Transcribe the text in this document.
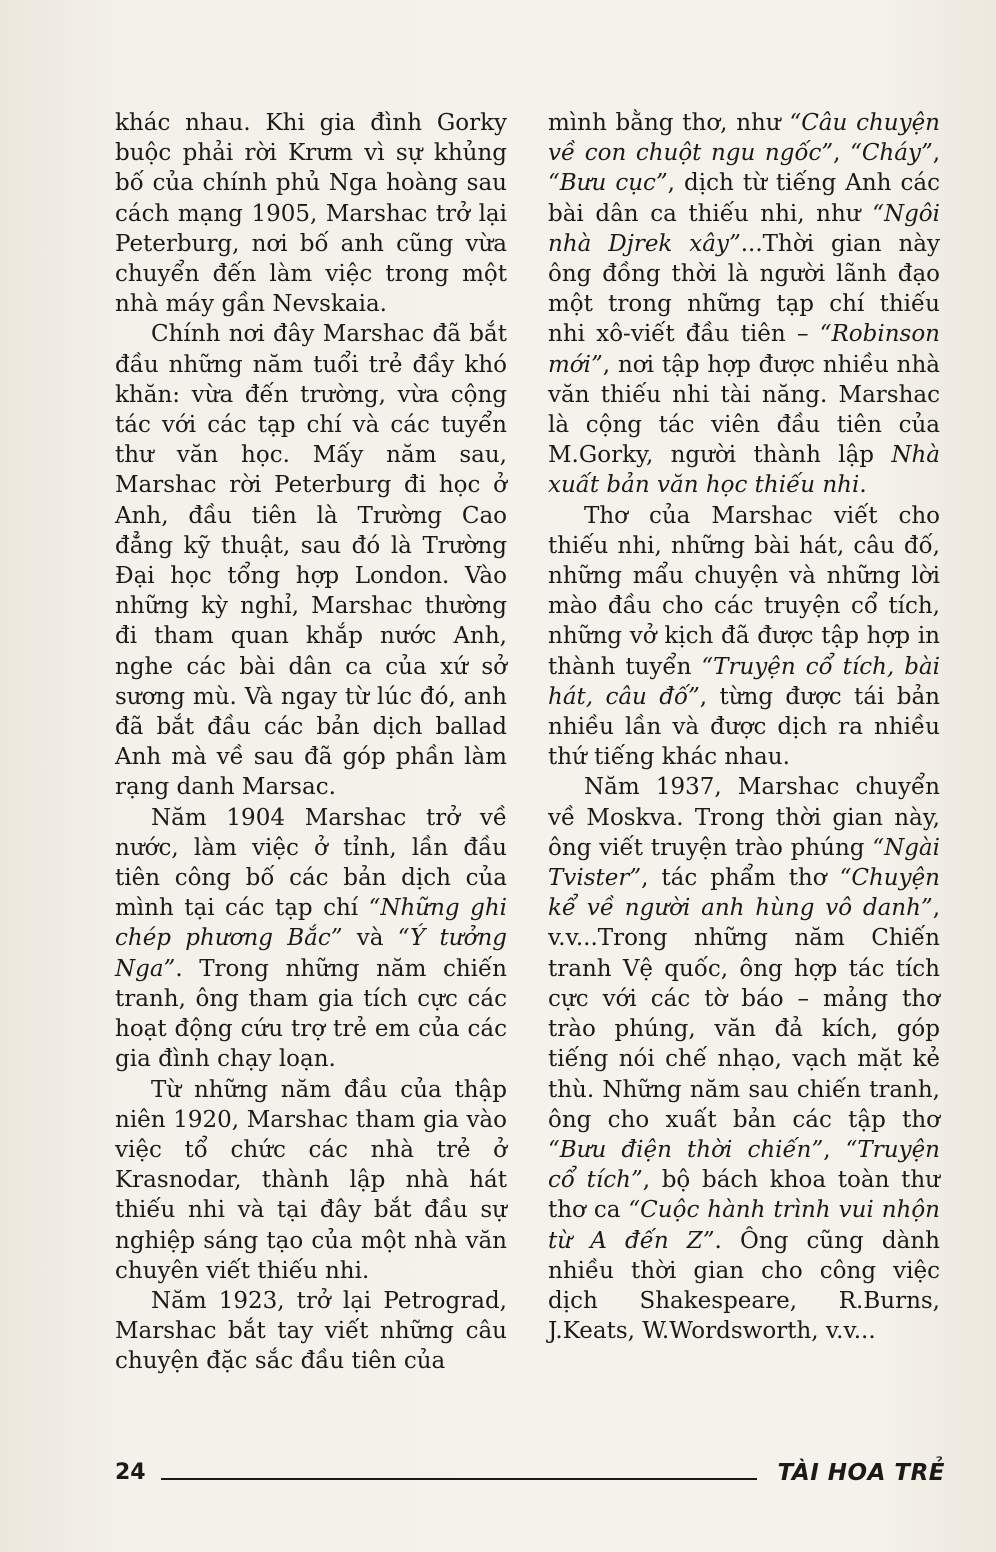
khác nhau. Khi gia đình Gorky buộc phải rời Krưm vì sự khủng bố của chính phủ Nga hoàng sau cách mạng 1905, Marshac trở lại Peterburg, nơi bố anh cũng vừa chuyển đến làm việc trong một nhà máy gần Nevskaia.

Chính nơi đây Marshac đã bắt đầu những năm tuổi trẻ đầy khó khăn: vừa đến trường, vừa cộng tác với các tạp chí và các tuyển thư văn học. Mấy năm sau, Marshac rời Peterburg đi học ở Anh, đầu tiên là Trường Cao đẳng kỹ thuật, sau đó là Trường Đại học tổng hợp London. Vào những kỳ nghỉ, Marshac thường đi tham quan khắp nước Anh, nghe các bài dân ca của xứ sở sương mù. Và ngay từ lúc đó, anh đã bắt đầu các bản dịch ballad Anh mà về sau đã góp phần làm rạng danh Marsac.

Năm 1904 Marshac trở về nước, làm việc ở tỉnh, lần đầu tiên công bố các bản dịch của mình tại các tạp chí “Những ghi chép phương Bắc” và “Ý tưởng Nga”. Trong những năm chiến tranh, ông tham gia tích cực các hoạt động cứu trợ trẻ em của các gia đình chạy loạn.

Từ những năm đầu của thập niên 1920, Marshac tham gia vào việc tổ chức các nhà trẻ ở Krasnodar, thành lập nhà hát thiếu nhi và tại đây bắt đầu sự nghiệp sáng tạo của một nhà văn chuyên viết thiếu nhi.

Năm 1923, trở lại Petrograd, Marshac bắt tay viết những câu chuyện đặc sắc đầu tiên của

mình bằng thơ, như “Câu chuyện về con chuột ngu ngốc”, “Cháy”, “Bưu cục”, dịch từ tiếng Anh các bài dân ca thiếu nhi, như “Ngôi nhà Djrek xây”...Thời gian này ông đồng thời là người lãnh đạo một trong những tạp chí thiếu nhi xô-viết đầu tiên – “Robinson mới”, nơi tập hợp được nhiều nhà văn thiếu nhi tài năng. Marshac là cộng tác viên đầu tiên của M.Gorky, người thành lập Nhà xuất bản văn học thiếu nhi.

Thơ của Marshac viết cho thiếu nhi, những bài hát, câu đố, những mẩu chuyện và những lời mào đầu cho các truyện cổ tích, những vở kịch đã được tập hợp in thành tuyển “Truyện cổ tích, bài hát, câu đố”, từng được tái bản nhiều lần và được dịch ra nhiều thứ tiếng khác nhau.

Năm 1937, Marshac chuyển về Moskva. Trong thời gian này, ông viết truyện trào phúng “Ngài Tvister”, tác phẩm thơ “Chuyện kể về người anh hùng vô danh”, v.v...Trong những năm Chiến tranh Vệ quốc, ông hợp tác tích cực với các tờ báo – mảng thơ trào phúng, văn đả kích, góp tiếng nói chế nhạo, vạch mặt kẻ thù. Những năm sau chiến tranh, ông cho xuất bản các tập thơ “Bưu điện thời chiến”, “Truyện cổ tích”, bộ bách khoa toàn thư thơ ca “Cuộc hành trình vui nhộn từ A đến Z”. Ông cũng dành nhiều thời gian cho công việc dịch Shakespeare, R.Burns, J.Keats, W.Wordsworth, v.v...

24	TÀI HOA TRẺ
